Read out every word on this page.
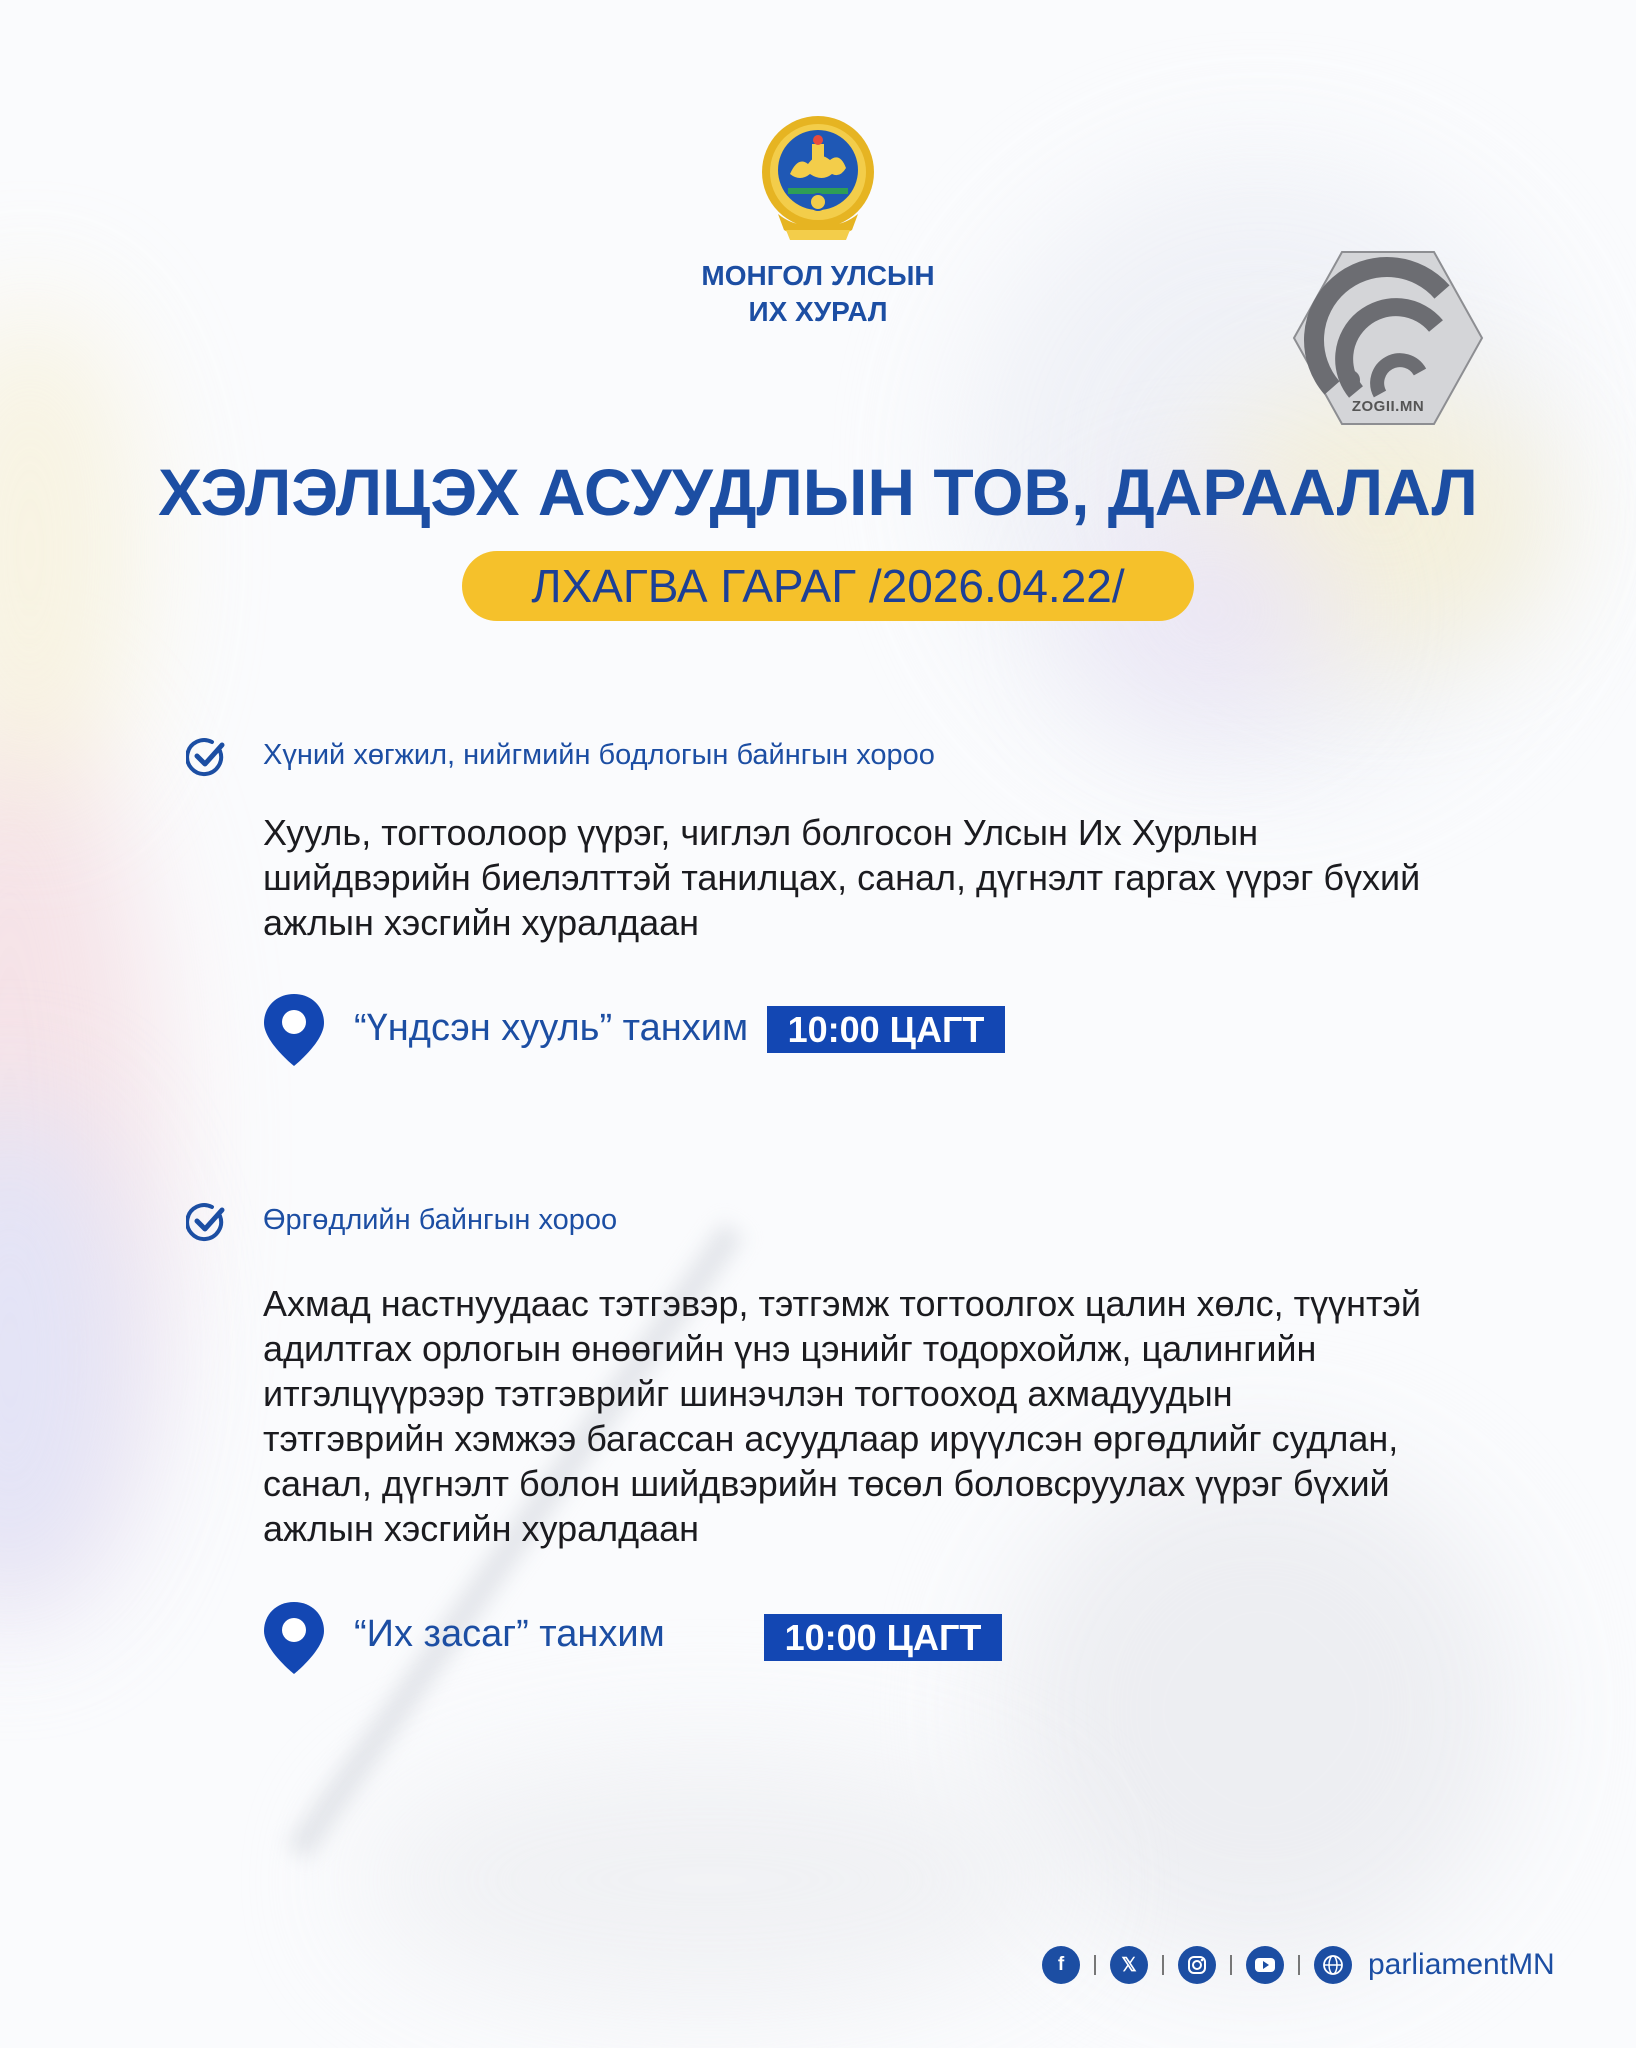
МОНГОЛ УЛСЫН
ИХ ХУРАЛ
ZOGII.MN
ХЭЛЭЛЦЭХ АСУУДЛЫН ТОВ, ДАРААЛАЛ
ЛХАГВА ГАРАГ /2026.04.22/
Хүний хөгжил, нийгмийн бодлогын байнгын хороо
Хууль, тогтоолоор үүрэг, чиглэл болгосон Улсын Их Хурлын
шийдвэрийн биелэлттэй танилцах, санал, дүгнэлт гаргах үүрэг бүхий
ажлын хэсгийн хуралдаан
“Үндсэн хууль” танхим	10:00 ЦАГТ
Өргөдлийн байнгын хороо
Ахмад настнуудаас тэтгэвэр, тэтгэмж тогтоолгох цалин хөлс, түүнтэй
адилтгах орлогын өнөөгийн үнэ цэнийг тодорхойлж, цалингийн
итгэлцүүрээр тэтгэврийг шинэчлэн тогтооход ахмадуудын
тэтгэврийн хэмжээ багассан асуудлаар ирүүлсэн өргөдлийг судлан,
санал, дүгнэлт болон шийдвэрийн төсөл боловсруулах үүрэг бүхий
ажлын хэсгийн хуралдаан
“Их засаг” танхим	10:00 ЦАГТ
f	𝕏	parliamentMN
